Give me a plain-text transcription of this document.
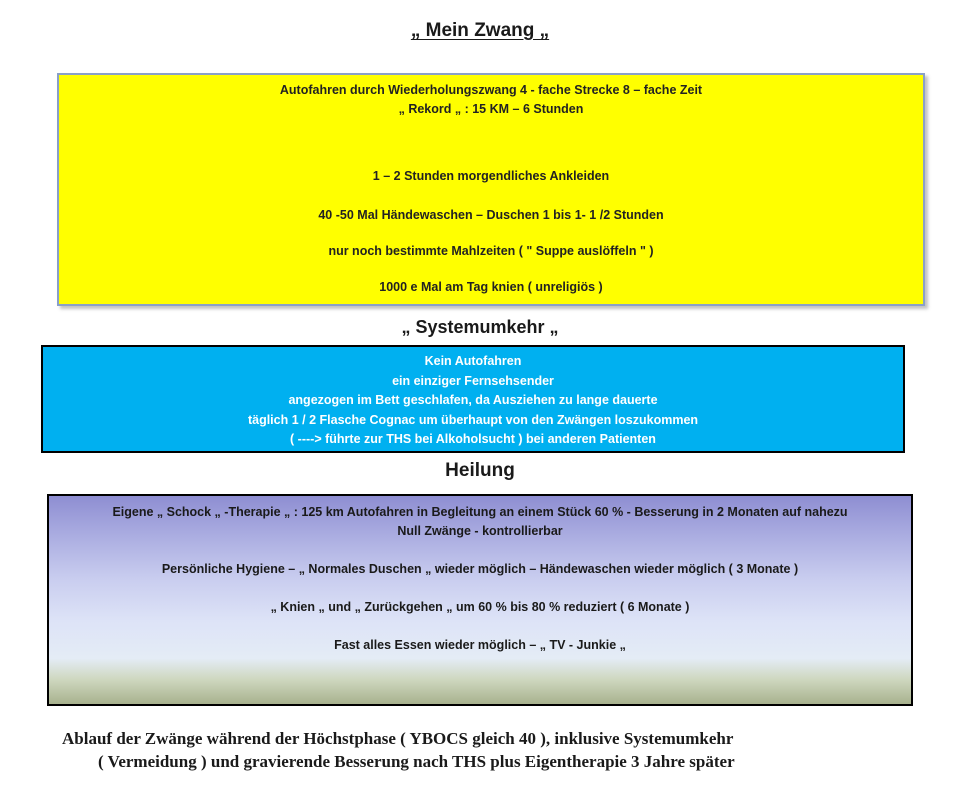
„ Mein Zwang „

Autofahren durch Wiederholungszwang 4 - fache Strecke 8 – fache Zeit

„ Rekord „ : 15 KM – 6 Stunden

1 – 2 Stunden morgendliches Ankleiden

40 -50 Mal Händewaschen – Duschen 1 bis 1- 1 /2 Stunden

nur noch bestimmte Mahlzeiten ( " Suppe auslöffeln " )

1000 e Mal am Tag knien ( unreligiös )

„ Systemumkehr „

Kein Autofahren

ein einziger Fernsehsender

angezogen im Bett geschlafen, da Ausziehen zu lange dauerte

täglich 1 / 2 Flasche Cognac um überhaupt von den Zwängen loszukommen

( ----> führte zur THS bei Alkoholsucht ) bei anderen Patienten

Heilung

Eigene „ Schock „ -Therapie „ : 125 km Autofahren in Begleitung an einem Stück 60 % - Besserung in 2 Monaten auf nahezu

Null Zwänge - kontrollierbar

Persönliche Hygiene – „ Normales Duschen „ wieder möglich – Händewaschen wieder möglich ( 3 Monate )

„ Knien „ und „ Zurückgehen „ um 60 % bis 80 % reduziert ( 6 Monate )

Fast alles Essen wieder möglich – „ TV - Junkie „

Ablauf der Zwänge während der Höchstphase ( YBOCS gleich 40 ), inklusive Systemumkehr
( Vermeidung ) und gravierende Besserung nach THS plus Eigentherapie 3 Jahre später
